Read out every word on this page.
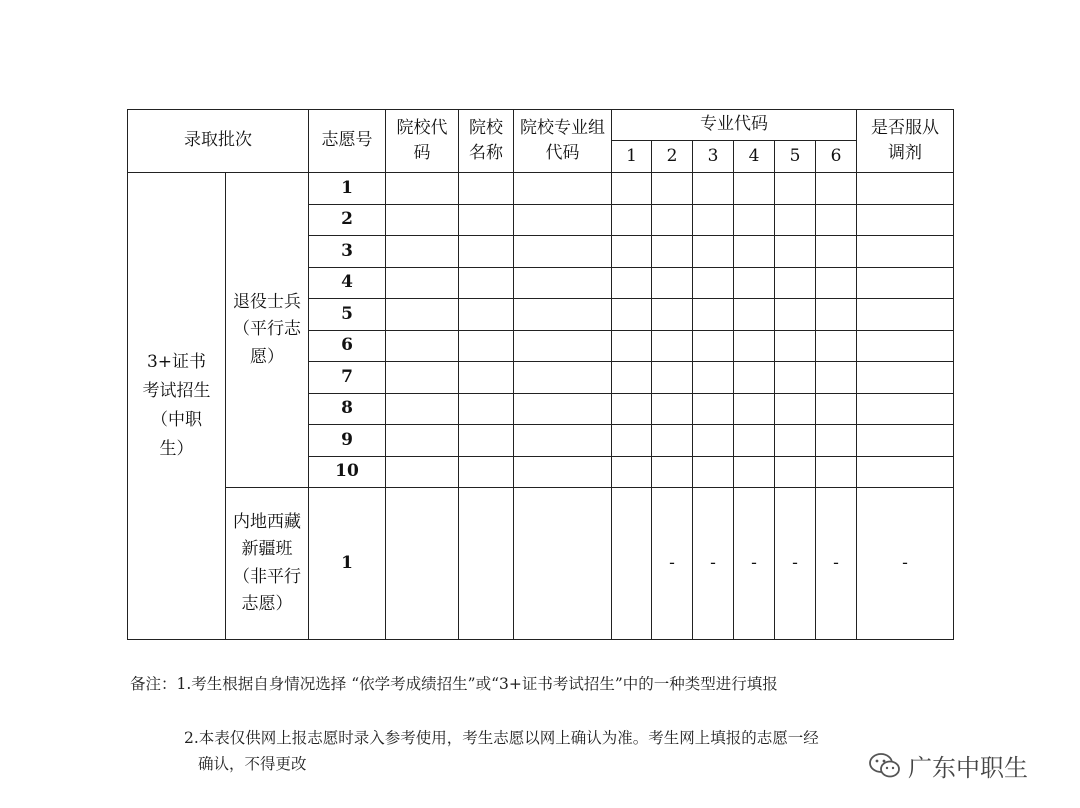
录取批次		志愿号	院校代码	院校名称	院校专业组代码	专业代码						是否服从调剂
						1	2	3	4	5	6	
3+证书考试招生（中职生）	退役士兵（平行志愿）	1										
		2										
		3										
		4										
		5										
		6										
		7										
		8										
		9										
		10										
	内地西藏新疆班（非平行志愿）	1					-	-	-	-	-	-
备注：1.考生根据自身情况选择 “依学考成绩招生”或“3+证书考试招生”中的一种类型进行填报
2.本表仅供网上报志愿时录入参考使用，考生志愿以网上确认为准。考生网上填报的志愿一经
确认，不得更改	广东中职生
